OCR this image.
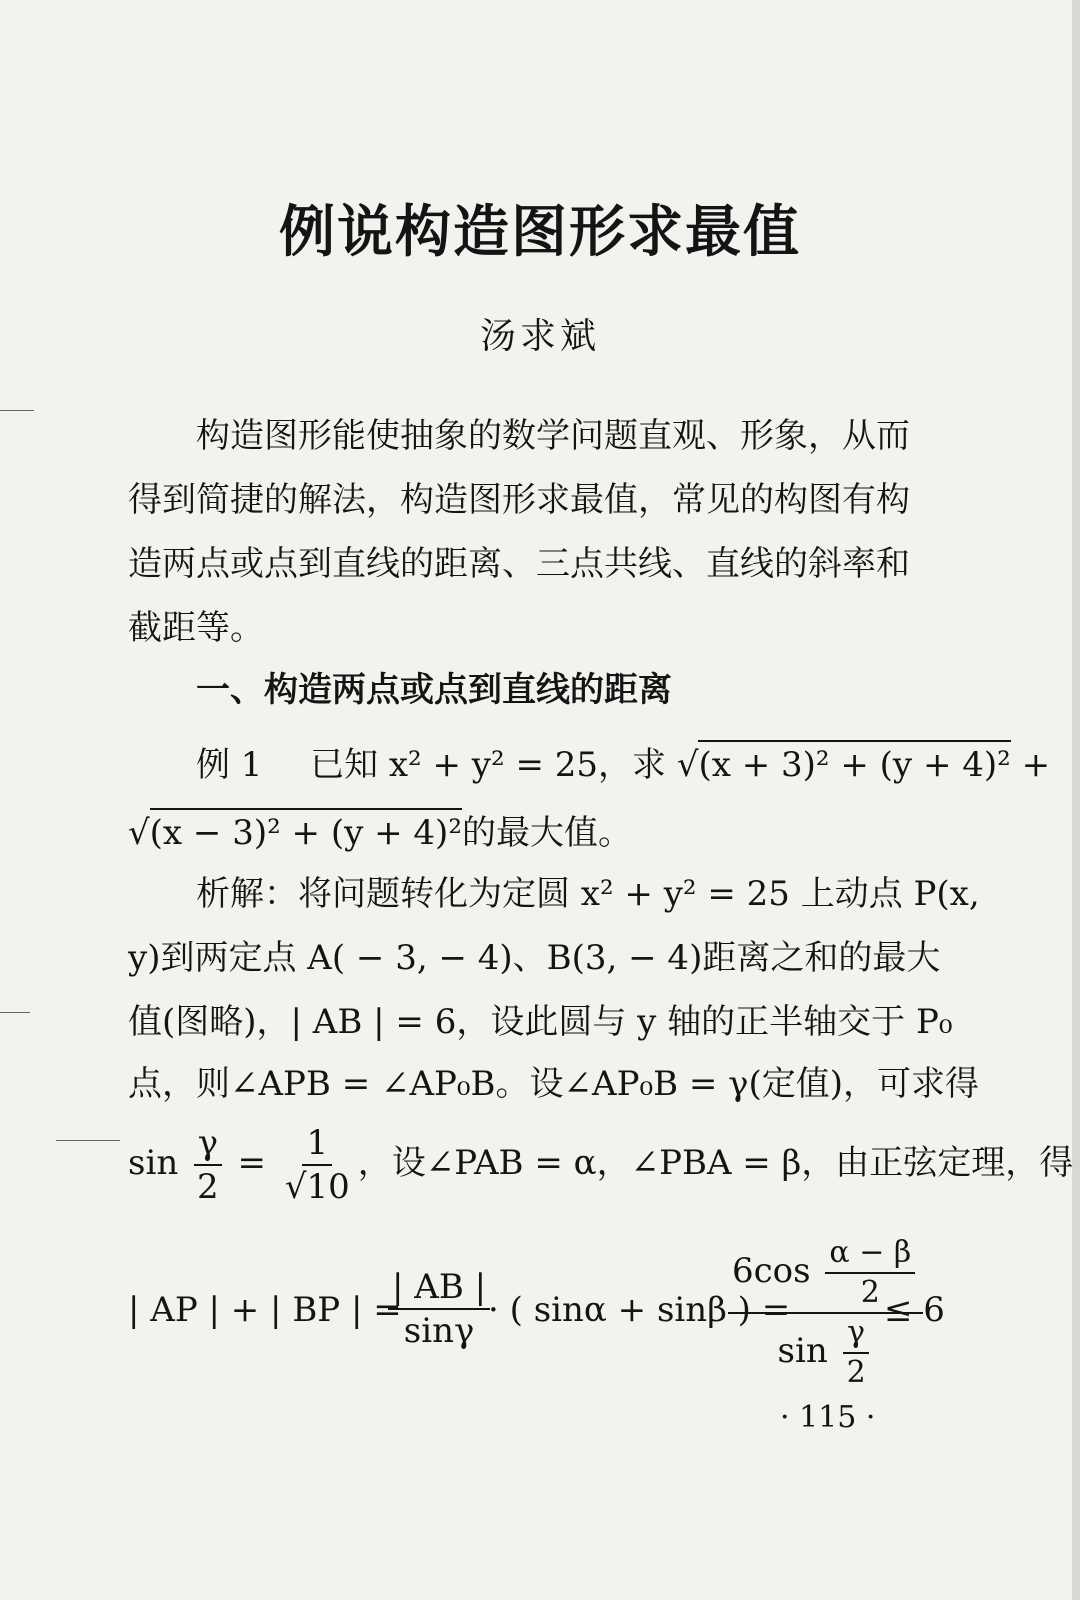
例说构造图形求最值
汤求斌
构造图形能使抽象的数学问题直观、形象，从而
得到简捷的解法，构造图形求最值，常见的构图有构
造两点或点到直线的距离、三点共线、直线的斜率和
截距等。
一、构造两点或点到直线的距离
例 1 已知 x² + y² = 25，求 √(x + 3)² + (y + 4)² +
√(x − 3)² + (y + 4)²的最大值。
析解：将问题转化为定圆 x² + y² = 25 上动点 P(x,
y)到两定点 A( − 3, − 4)、B(3, − 4)距离之和的最大
值(图略)，| AB | = 6，设此圆与 y 轴的正半轴交于 P₀
点，则∠APB = ∠AP₀B。设∠AP₀B = γ(定值)，可求得
$\sin \frac{\gamma}{2} = \frac{1}{√10}$ ，设∠PAB = α，∠PBA = β，由正弦定理，得
| AP | + | BP | =
$\frac{| AB |}{\sin\gamma}$
· ( sinα + sinβ ) =
$\frac{6\cos \frac{\alpha - \beta}{2}}{\sin \frac{\gamma}{2}}$
≤ 6
· 115 ·
